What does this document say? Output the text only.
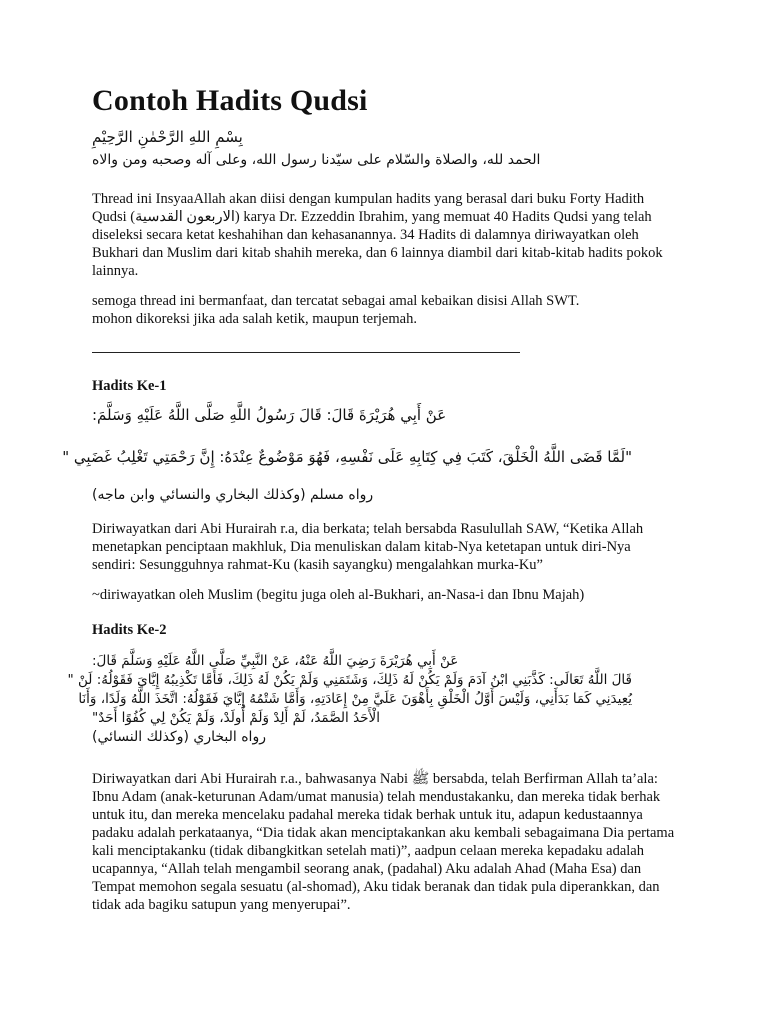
Contoh Hadits Qudsi
بِسْمِ اللهِ الرَّحْمٰنِ الرَّحِيْمِ
الحمد لله، والصلاة والسّلام علی سيّدنا رسول الله، وعلی آله وصحبه ومن والاه
Thread ini InsyaaAllah akan diisi dengan kumpulan hadits yang berasal dari buku Forty Hadith Qudsi (الاربعون القدسية) karya Dr. Ezzeddin Ibrahim, yang memuat 40 Hadits Qudsi yang telah diseleksi secara ketat keshahihan dan kehasanannya. 34 Hadits di dalamnya diriwayatkan oleh Bukhari dan Muslim dari kitab shahih mereka, dan 6 lainnya diambil dari kitab-kitab hadits pokok lainnya.
semoga thread ini bermanfaat, dan tercatat sebagai amal kebaikan disisi Allah SWT.
mohon dikoreksi jika ada salah ketik, maupun terjemah.
Hadits Ke-1
عَنْ أَبِي هُرَيْرَةَ قَالَ: قَالَ رَسُولُ اللَّهِ صَلَّى اللَّهُ عَلَيْهِ وَسَلَّمَ:
"لَمَّا قَضَى اللَّهُ الْخَلْقَ، كَتَبَ فِي كِتَابِهِ عَلَى نَفْسِهِ، فَهُوَ مَوْضُوعٌ عِنْدَهُ: إِنَّ رَحْمَتِي تَغْلِبُ غَضَبِي "
رواه مسلم (وكذلك البخاري والنسائي وابن ماجه)
Diriwayatkan dari Abi Hurairah r.a, dia berkata; telah bersabda Rasulullah SAW, “Ketika Allah menetapkan penciptaan makhluk, Dia menuliskan dalam kitab-Nya ketetapan untuk diri-Nya sendiri: Sesungguhnya rahmat-Ku (kasih sayangku) mengalahkan murka-Ku”
~diriwayatkan oleh Muslim (begitu juga oleh al-Bukhari, an-Nasa-i dan Ibnu Majah)
Hadits Ke-2
عَنْ أَبِي هُرَيْرَةَ رَضِيَ اللَّهُ عَنْهُ، عَنْ النَّبِيِّ صَلَّى اللَّهُ عَلَيْهِ وَسَلَّمَ قَالَ:
قَالَ اللَّهُ تَعَالَى: كَذَّبَنِي ابْنُ آدَمَ وَلَمْ يَكُنْ لَهُ ذَلِكَ، وَشَتَمَنِي وَلَمْ يَكُنْ لَهُ ذَلِكَ، فَأَمَّا تَكْذِيبُهُ إِيَّايَ فَقَوْلُهُ: لَنْ "
يُعِيدَنِي كَمَا بَدَأَنِي، وَلَيْسَ أَوَّلُ الْخَلْقِ بِأَهْوَنَ عَلَيَّ مِنْ إِعَادَتِهِ، وَأَمَّا شَتْمُهُ إِيَّايَ فَقَوْلُهُ: اتَّخَذَ اللَّهُ وَلَدًا، وَأَنَا
الْأَحَدُ الصَّمَدُ، لَمْ أَلِدْ وَلَمْ أُولَدْ، وَلَمْ يَكُنْ لِي كُفُوًا أَحَدٌ"
رواه البخاري (وكذلك النسائي)
Diriwayatkan dari Abi Hurairah r.a., bahwasanya Nabi ﷺ bersabda, telah Berfirman Allah ta’ala: Ibnu Adam (anak-keturunan Adam/umat manusia) telah mendustakanku, dan mereka tidak berhak untuk itu, dan mereka mencelaku padahal mereka tidak berhak untuk itu, adapun kedustaannya padaku adalah perkataanya, “Dia tidak akan menciptakankan aku kembali sebagaimana Dia pertama kali menciptakanku (tidak dibangkitkan setelah mati)”, aadpun celaan mereka kepadaku adalah ucapannya, “Allah telah mengambil seorang anak, (padahal) Aku adalah Ahad (Maha Esa) dan Tempat memohon segala sesuatu (al-shomad), Aku tidak beranak dan tidak pula diperankkan, dan tidak ada bagiku satupun yang menyerupai”.
